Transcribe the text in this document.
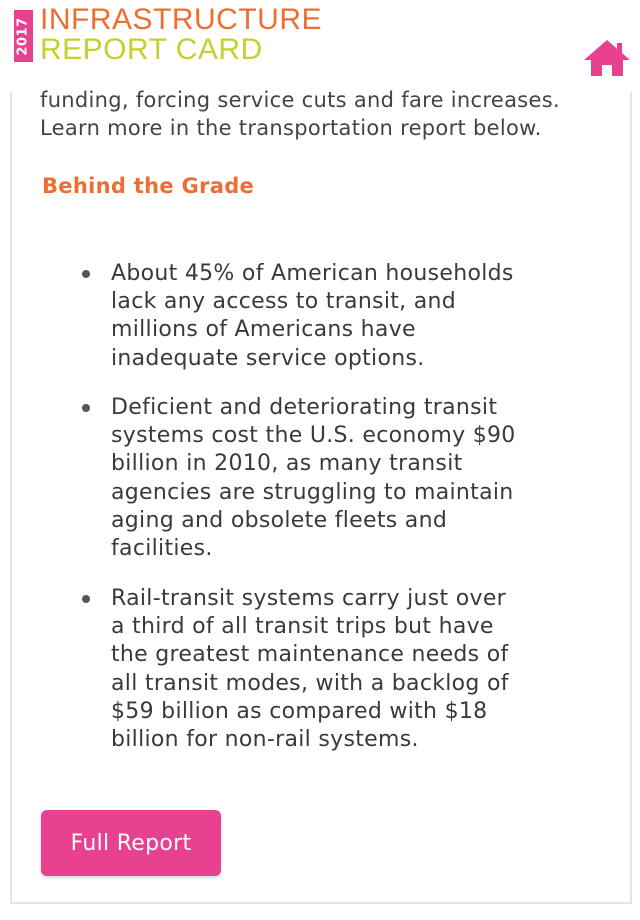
2017 INFRASTRUCTURE
REPORT CARD
funding, forcing service cuts and fare increases.
Learn more in the transportation report below.
Behind the Grade
About 45% of American households
lack any access to transit, and
millions of Americans have
inadequate service options.
Deficient and deteriorating transit
systems cost the U.S. economy $90
billion in 2010, as many transit
agencies are struggling to maintain
aging and obsolete fleets and
facilities.
Rail-transit systems carry just over
a third of all transit trips but have
the greatest maintenance needs of
all transit modes, with a backlog of
$59 billion as compared with $18
billion for non-rail systems.
Full Report
